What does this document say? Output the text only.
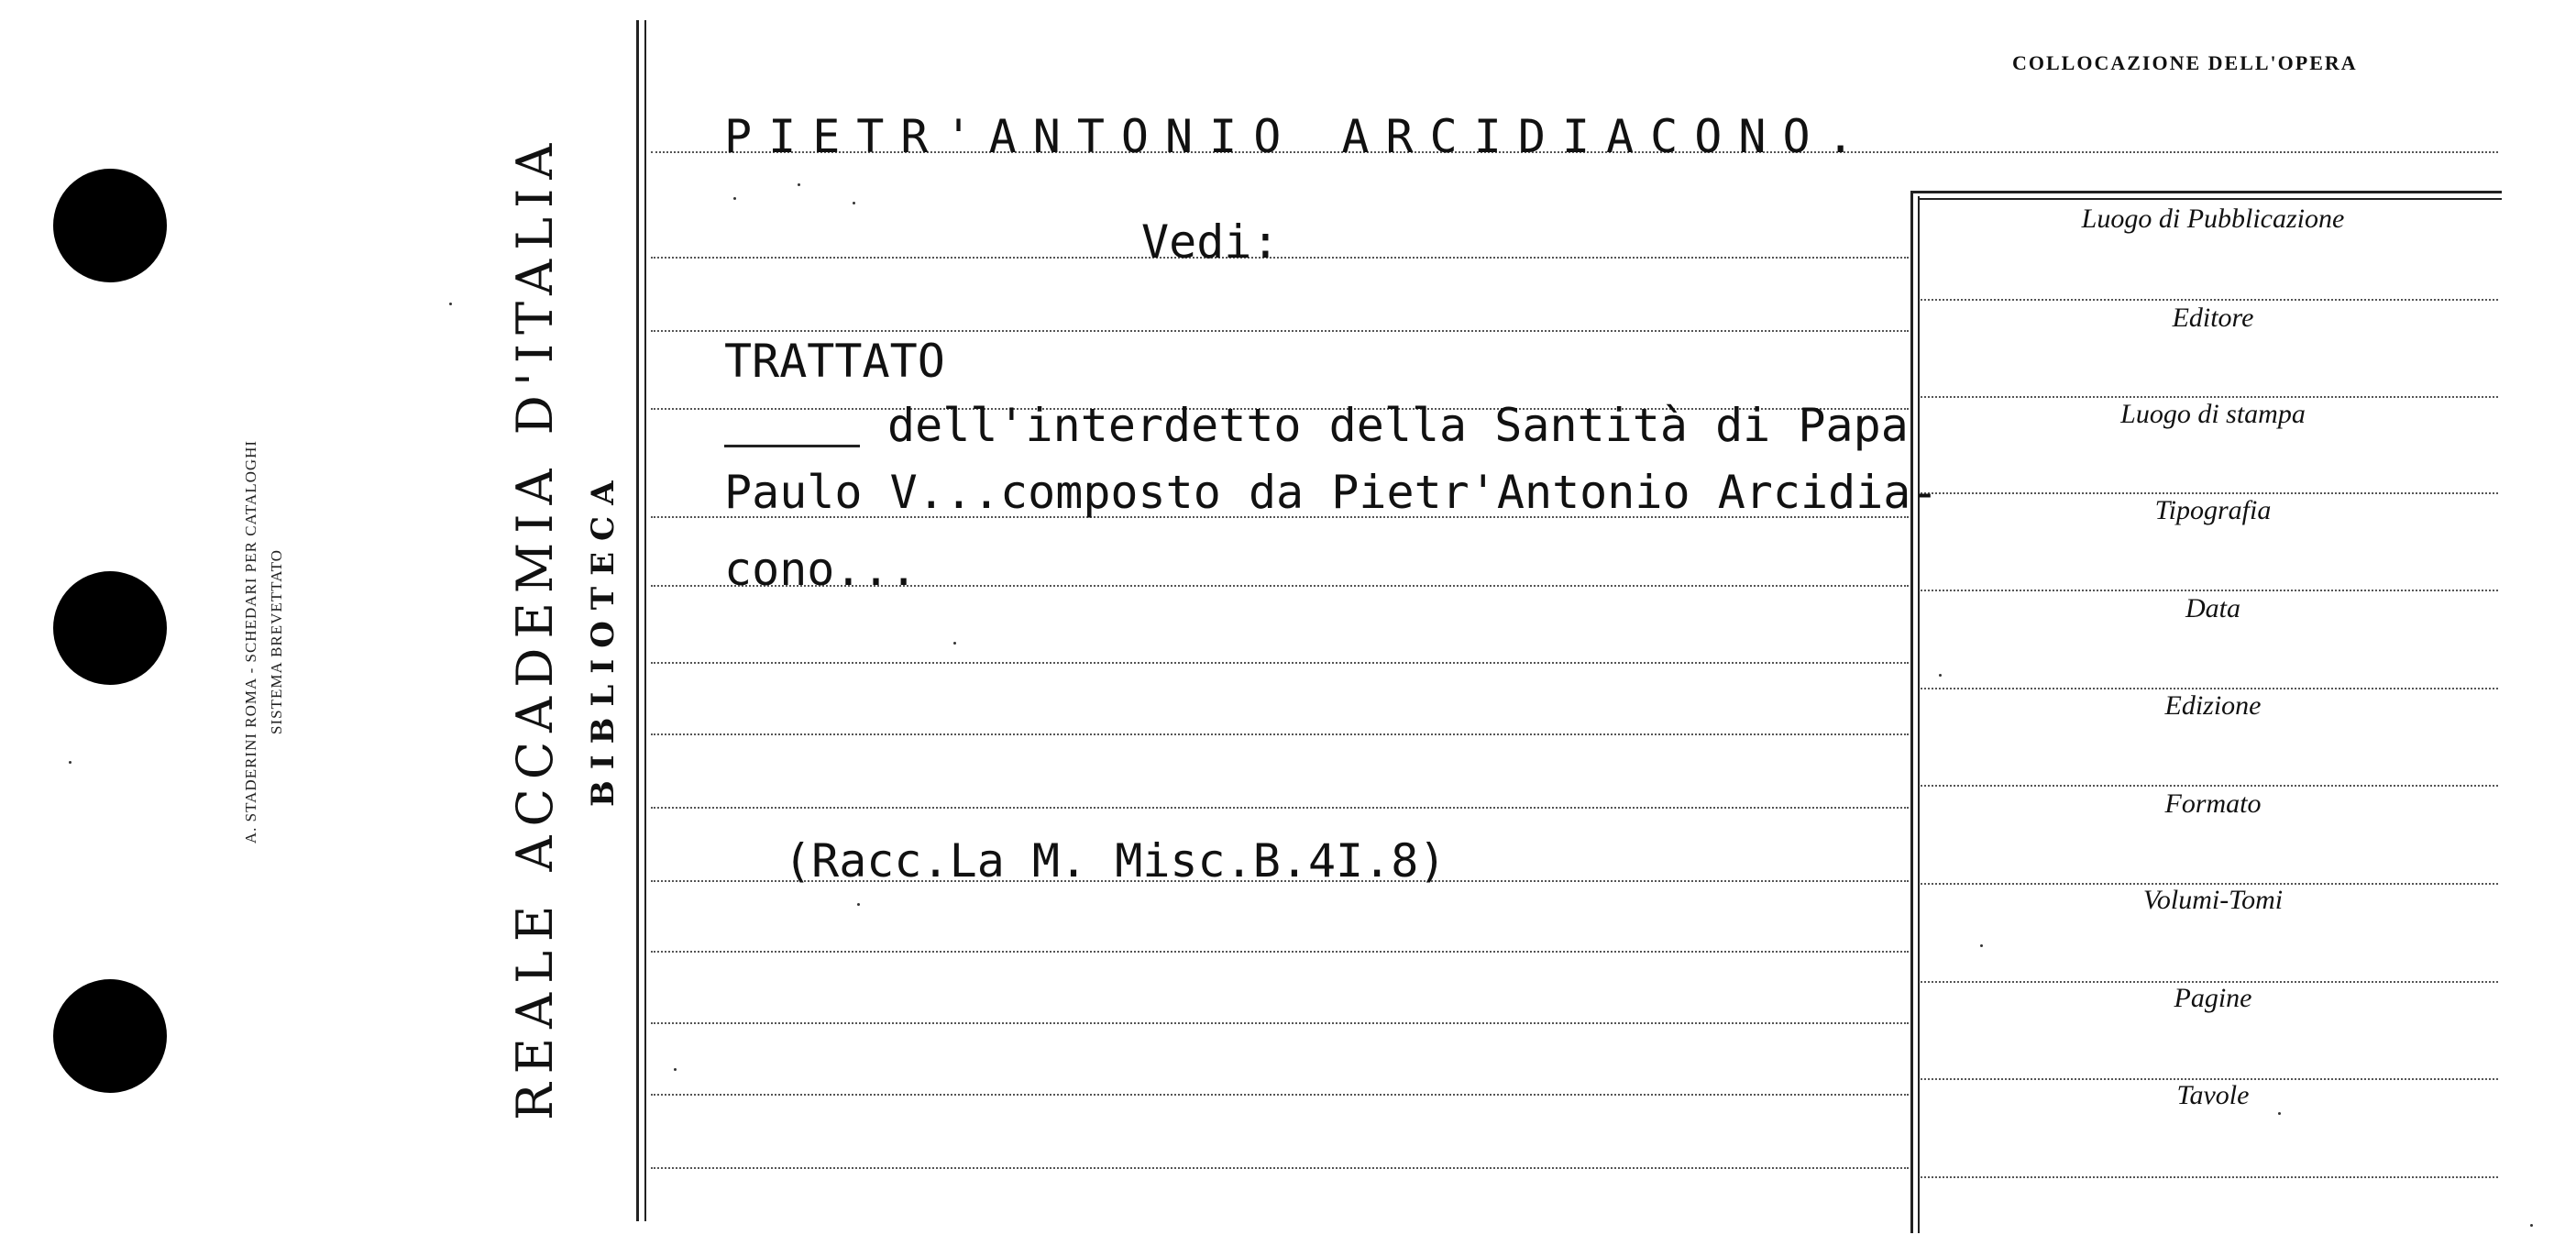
A. STADERINI ROMA - SCHEDARI PER CATALOGHI SISTEMA BREVETTATO	REALE ACCADEMIA D'ITALIA BIBLIOTECA
COLLOCAZIONE DELL'OPERA
PIETR'ANTONIO ARCIDIACONO.
Vedi:
TRATTATO
dell'interdetto della Santità di Papa
Paulo V...composto da Pietr'Antonio Arcidia-
cono...
(Racc.La M. Misc.B.4I.8)
Luogo di Pubblicazione
Editore
Luogo di stampa
Tipografia
Data
Edizione
Formato
Volumi-Tomi
Pagine
Tavole
